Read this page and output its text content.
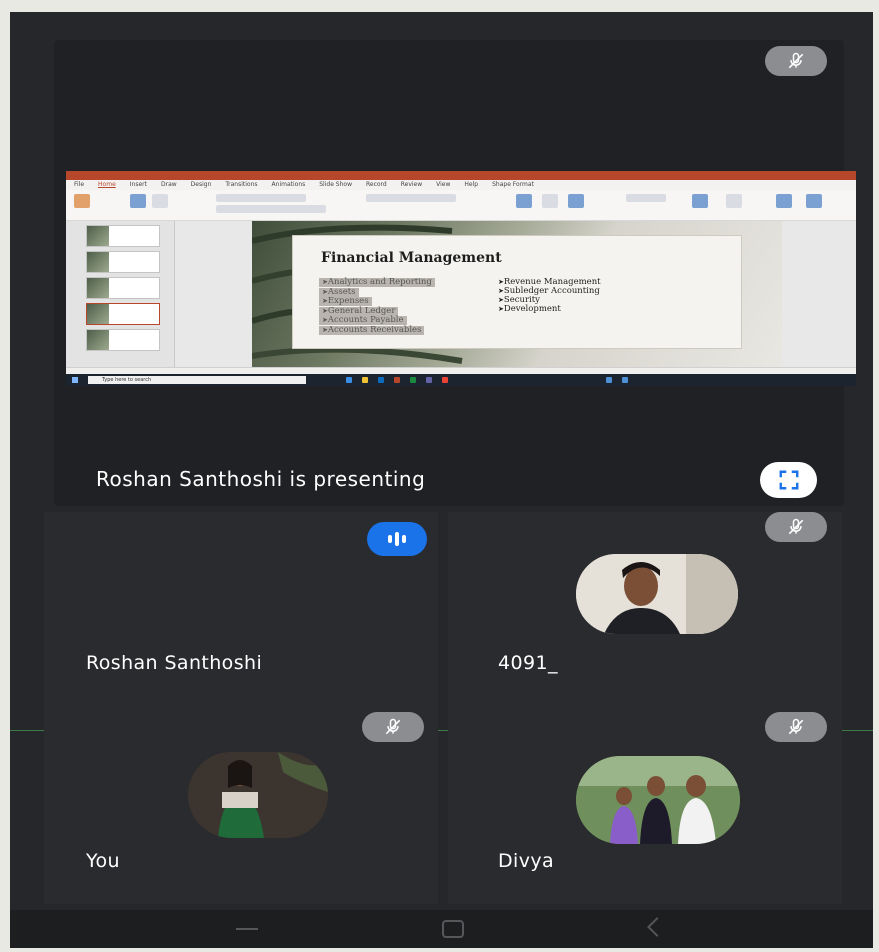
File Home Insert Draw Design Transitions Animations Slide Show Record Review View Help Shape Format
Financial Management
➤ Analytics and Reporting
➤ Assets
➤ Expenses
➤ General Ledger
➤ Accounts Payable
➤ Accounts Receivables
➤ Revenue Management
➤ Subledger Accounting
➤ Security
➤ Development
Type here to search
Roshan Santhoshi is presenting
Roshan Santhoshi	4091_
You	Divya
